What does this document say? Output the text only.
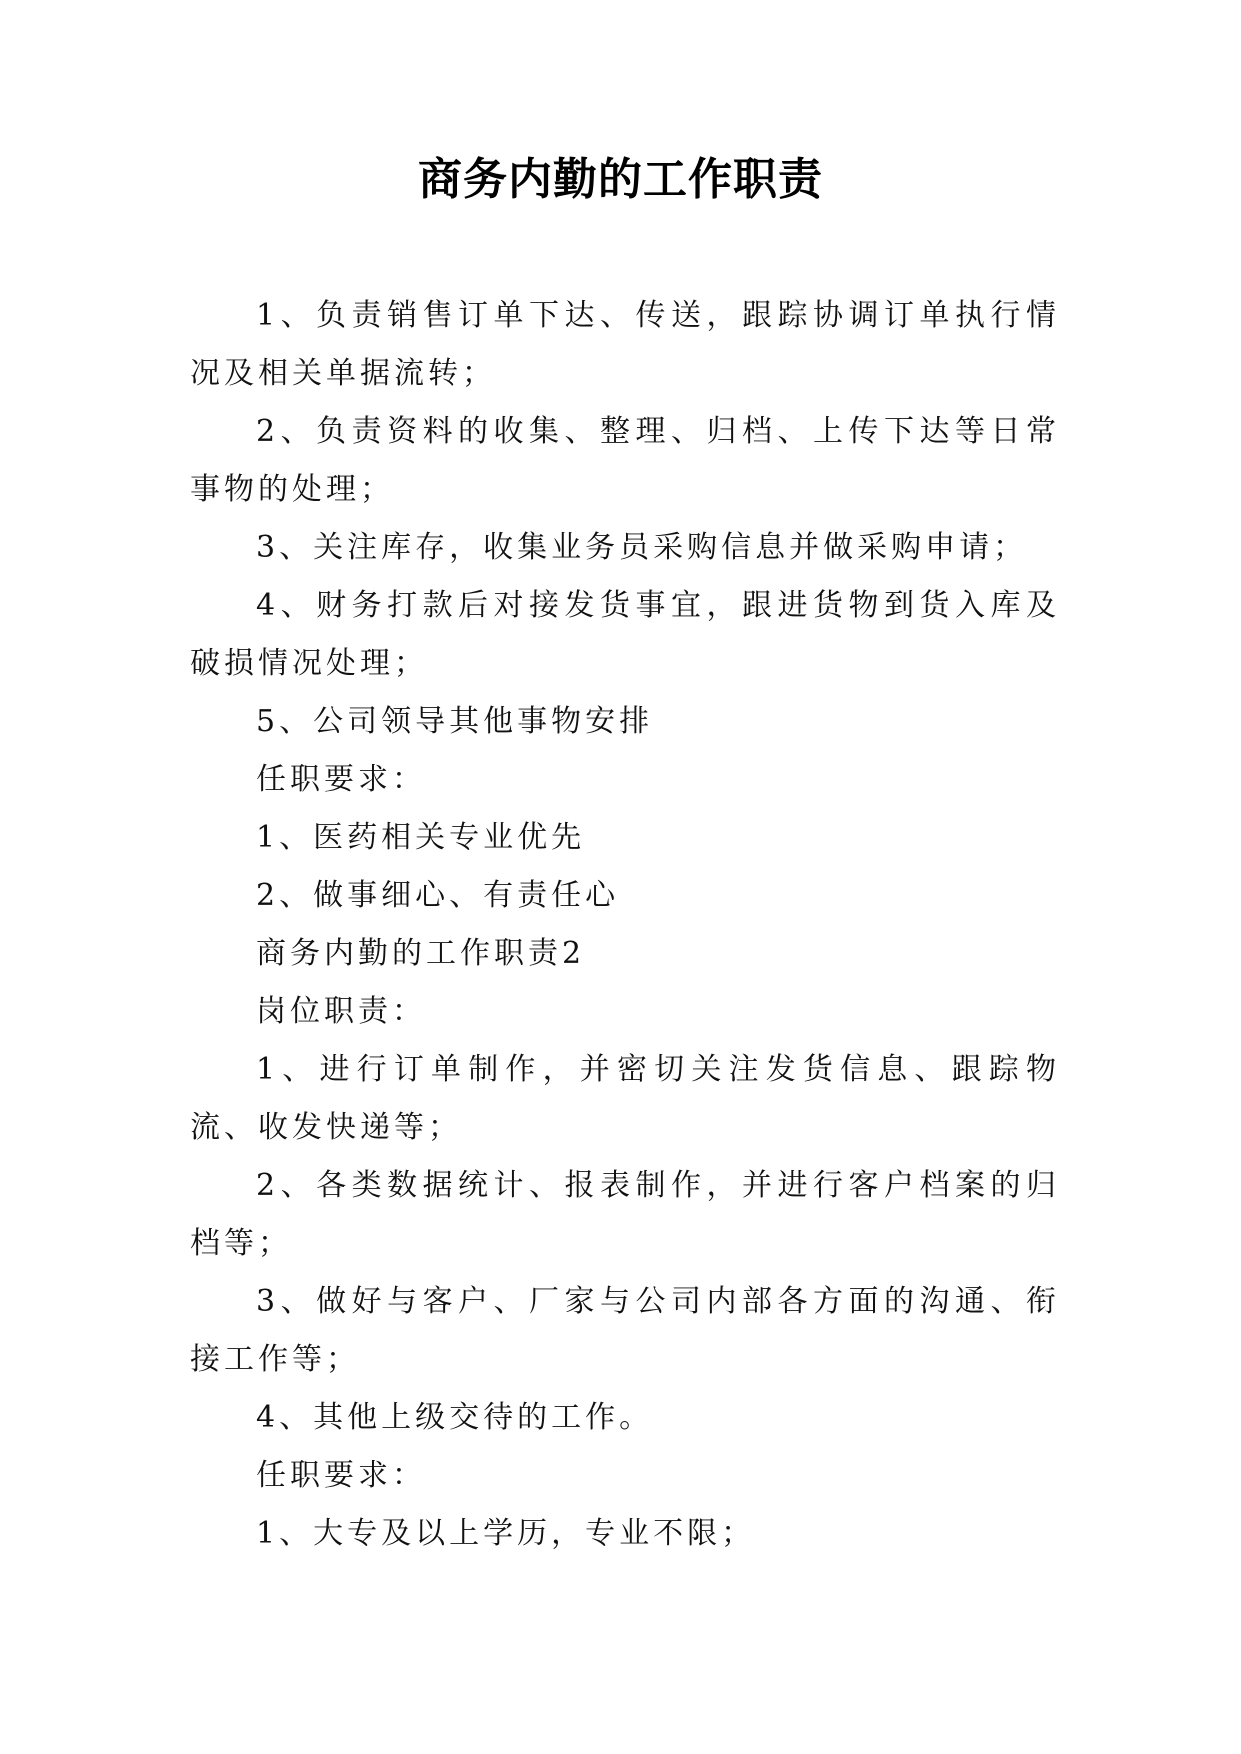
商务内勤的工作职责

1、负责销售订单下达、传送，跟踪协调订单执行情况及相关单据流转；

2、负责资料的收集、整理、归档、上传下达等日常事物的处理；

3、关注库存，收集业务员采购信息并做采购申请；

4、财务打款后对接发货事宜，跟进货物到货入库及破损情况处理；

5、公司领导其他事物安排

任职要求：

1、医药相关专业优先

2、做事细心、有责任心

商务内勤的工作职责2

岗位职责：

1、进行订单制作，并密切关注发货信息、跟踪物流、收发快递等；

2、各类数据统计、报表制作，并进行客户档案的归档等；

3、做好与客户、厂家与公司内部各方面的沟通、衔接工作等；

4、其他上级交待的工作。

任职要求：

1、大专及以上学历，专业不限；
